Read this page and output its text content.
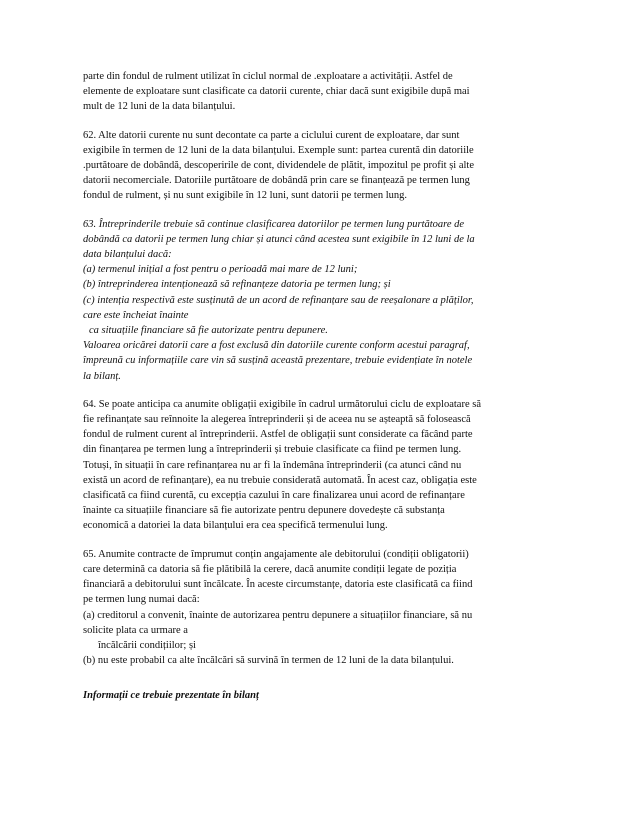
parte din fondul de rulment utilizat în ciclul normal de .exploatare a activității. Astfel de
elemente de exploatare sunt clasificate ca datorii curente, chiar dacă sunt exigibile după mai
mult de 12 luni de la data bilanțului.

62. Alte datorii curente nu sunt decontate ca parte a ciclului curent de exploatare, dar sunt
exigibile în termen de 12 luni de la data bilanțului. Exemple sunt: partea curentă din datoriile
.purtătoare de dobândă, descoperirile de cont, dividendele de plătit, impozitul pe profit și alte
datorii necomerciale. Datoriile purtătoare de dobândă prin care se finanțează pe termen lung
fondul de rulment, și nu sunt exigibile în 12 luni, sunt datorii pe termen lung.

63. Întreprinderile trebuie să continue clasificarea datoriilor pe termen lung purtătoare de
dobândă ca datorii pe termen lung chiar și atunci când acestea sunt exigibile în 12 luni de la
data bilanțului dacă:
(a) termenul inițial a fost pentru o perioadă mai mare de 12 luni;
(b) întreprinderea intenționează să refinanțeze datoria pe termen lung; și
(c) intenția respectivă este susținută de un acord de refinanțare sau de reeșalonare a plăților,
care este încheiat înainte
ca situațiile financiare să fie autorizate pentru depunere.
Valoarea oricărei datorii care a fost exclusă din datoriile curente conform acestui paragraf,
împreună cu informațiile care vin să susțină această prezentare, trebuie evidențiate în notele
la bilanț.

64. Se poate anticipa ca anumite obligații exigibile în cadrul următorului ciclu de exploatare să
fie refinanțate sau reînnoite la alegerea întreprinderii și de aceea nu se așteaptă să folosească
fondul de rulment curent al întreprinderii. Astfel de obligații sunt considerate ca făcând parte
din finanțarea pe termen lung a întreprinderii și trebuie clasificate ca fiind pe termen lung.
Totuși, în situații în care refinanțarea nu ar fi la îndemâna întreprinderii (ca atunci când nu
există un acord de refinanțare), ea nu trebuie considerată automată. În acest caz, obligația este
clasificată ca fiind curentă, cu excepția cazului în care finalizarea unui acord de refinanțare
înainte ca situațiile financiare să fie autorizate pentru depunere dovedește că substanța
economică a datoriei la data bilanțului era cea specifică termenului lung.

65. Anumite contracte de împrumut conțin angajamente ale debitorului (condiții obligatorii)
care determină ca datoria să fie plătibilă la cerere, dacă anumite condiții legate de poziția
financiară a debitorului sunt încălcate. În aceste circumstanțe, datoria este clasificată ca fiind
pe termen lung numai dacă:
(a) creditorul a convenit, înainte de autorizarea pentru depunere a situațiilor financiare, să nu
solicite plata ca urmare a
încălcării condițiilor; și
(b) nu este probabil ca alte încălcări să survină în termen de 12 luni de la data bilanțului.

Informații ce trebuie prezentate în bilanț
